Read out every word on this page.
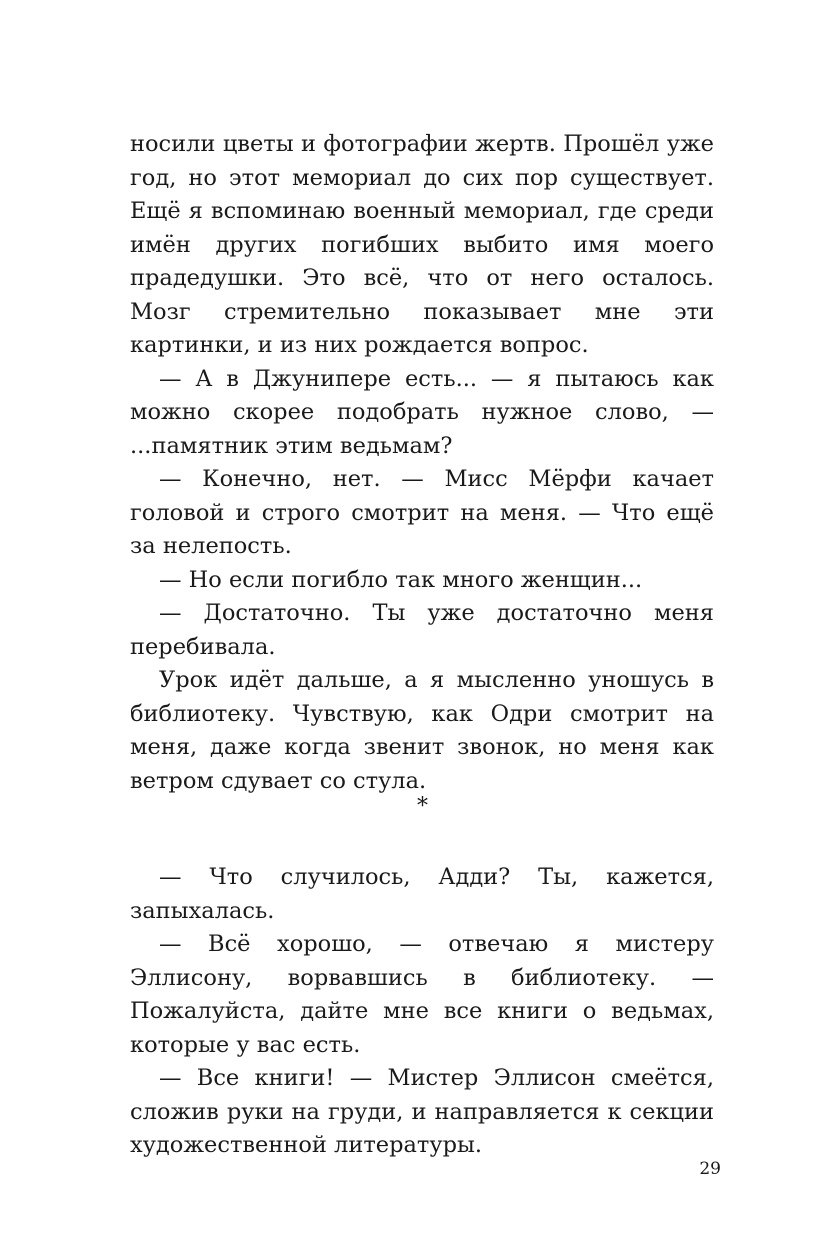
носили цветы и фотографии жертв. Прошёл уже год, но этот мемориал до сих пор существует. Ещё я вспоминаю военный мемориал, где среди имён других погибших выбито имя моего прадедушки. Это всё, что от него осталось. Мозг стремительно показывает мне эти картинки, и из них рождается вопрос.

— А в Джунипере есть... — я пытаюсь как можно скорее подобрать нужное слово, — ...памятник этим ведьмам?

— Конечно, нет. — Мисс Мёрфи качает головой и строго смотрит на меня. — Что ещё за нелепость.

— Но если погибло так много женщин...

— Достаточно. Ты уже достаточно меня перебивала.

Урок идёт дальше, а я мысленно уношусь в библиотеку. Чувствую, как Одри смотрит на меня, даже когда звенит звонок, но меня как ветром сдувает со стула.

*

— Что случилось, Адди? Ты, кажется, запыхалась.

— Всё хорошо, — отвечаю я мистеру Эллисону, ворвавшись в библиотеку. — Пожалуйста, дайте мне все книги о ведьмах, которые у вас есть.

— Все книги! — Мистер Эллисон смеётся, сложив руки на груди, и направляется к секции художественной литературы.

29
